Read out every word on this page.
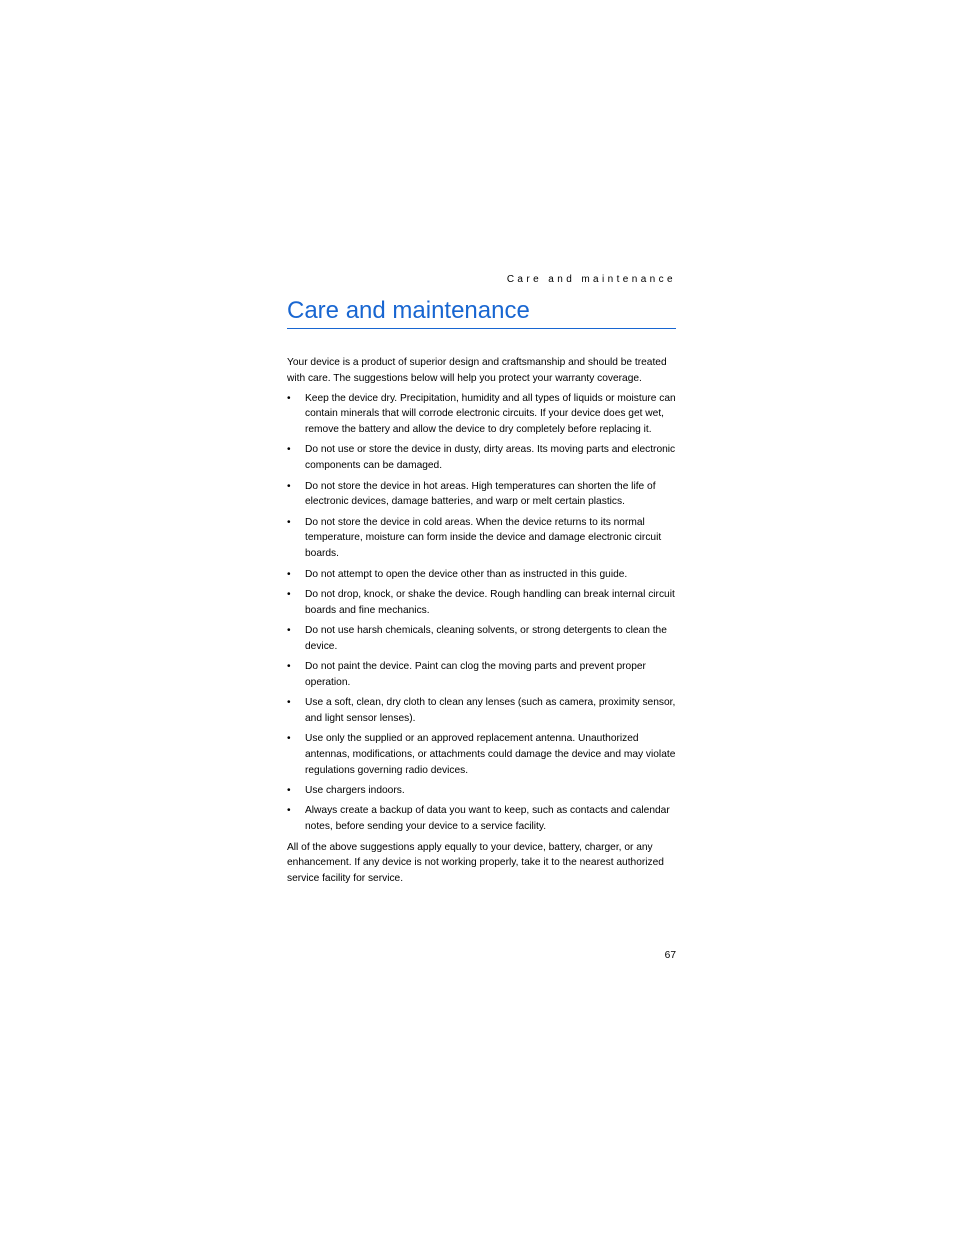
Care and maintenance
Care and maintenance

Your device is a product of superior design and craftsmanship and should be treated with care. The suggestions below will help you protect your warranty coverage.

• Keep the device dry. Precipitation, humidity and all types of liquids or moisture can contain minerals that will corrode electronic circuits. If your device does get wet, remove the battery and allow the device to dry completely before replacing it.
• Do not use or store the device in dusty, dirty areas. Its moving parts and electronic components can be damaged.
• Do not store the device in hot areas. High temperatures can shorten the life of electronic devices, damage batteries, and warp or melt certain plastics.
• Do not store the device in cold areas. When the device returns to its normal temperature, moisture can form inside the device and damage electronic circuit boards.
• Do not attempt to open the device other than as instructed in this guide.
• Do not drop, knock, or shake the device. Rough handling can break internal circuit boards and fine mechanics.
• Do not use harsh chemicals, cleaning solvents, or strong detergents to clean the device.
• Do not paint the device. Paint can clog the moving parts and prevent proper operation.
• Use a soft, clean, dry cloth to clean any lenses (such as camera, proximity sensor, and light sensor lenses).
• Use only the supplied or an approved replacement antenna. Unauthorized antennas, modifications, or attachments could damage the device and may violate regulations governing radio devices.
• Use chargers indoors.
• Always create a backup of data you want to keep, such as contacts and calendar notes, before sending your device to a service facility.

All of the above suggestions apply equally to your device, battery, charger, or any enhancement. If any device is not working properly, take it to the nearest authorized service facility for service.

67
